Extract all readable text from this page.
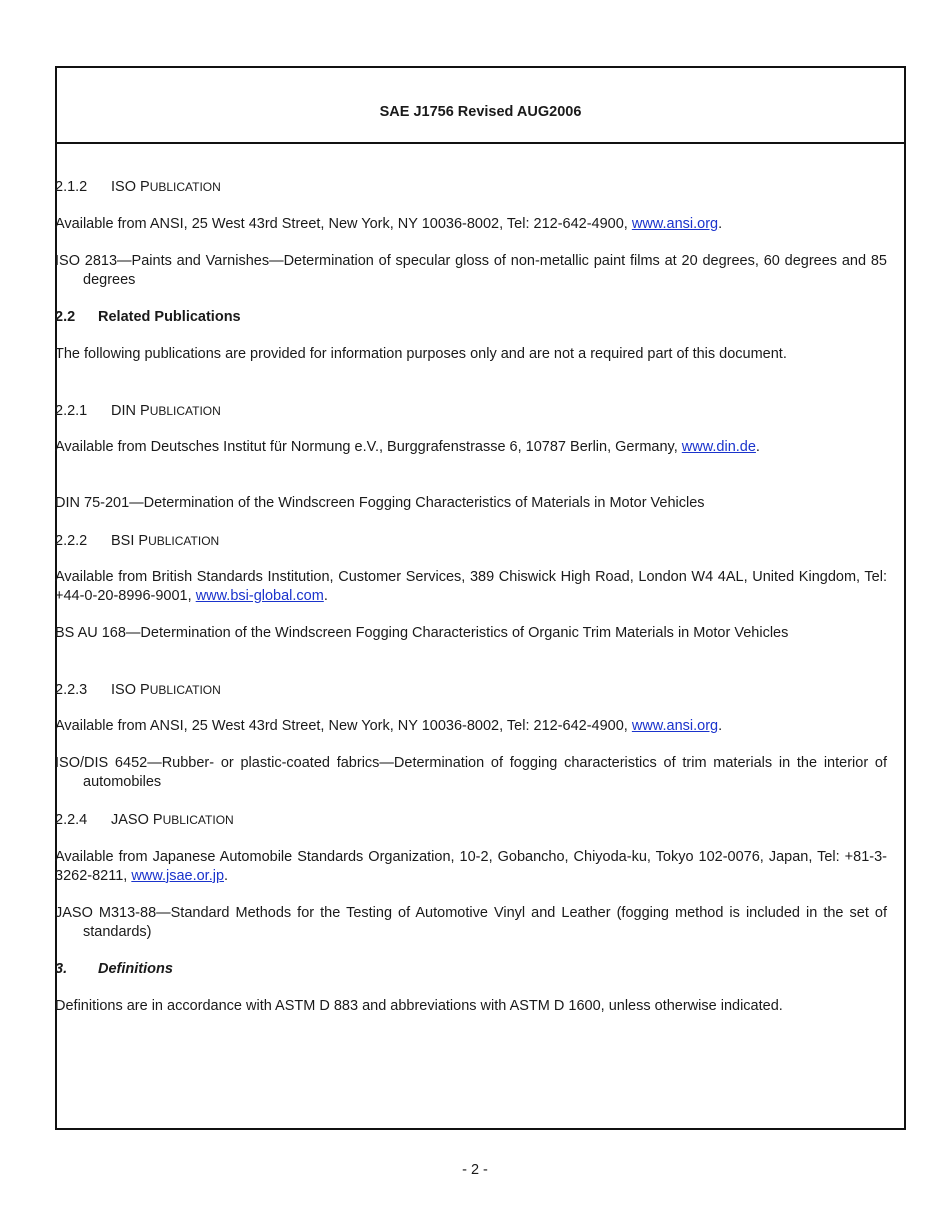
SAE J1756 Revised AUG2006
2.1.2 ISO PUBLICATION
Available from ANSI, 25 West 43rd Street, New York, NY 10036-8002, Tel: 212-642-4900, www.ansi.org.
ISO 2813—Paints and Varnishes—Determination of specular gloss of non-metallic paint films at 20 degrees, 60 degrees and 85 degrees
2.2 Related Publications
The following publications are provided for information purposes only and are not a required part of this document.
2.2.1 DIN PUBLICATION
Available from Deutsches Institut für Normung e.V., Burggrafenstrasse 6, 10787 Berlin, Germany, www.din.de.
DIN 75-201—Determination of the Windscreen Fogging Characteristics of Materials in Motor Vehicles
2.2.2 BSI PUBLICATION
Available from British Standards Institution, Customer Services, 389 Chiswick High Road, London W4 4AL, United Kingdom, Tel: +44-0-20-8996-9001, www.bsi-global.com.
BS AU 168—Determination of the Windscreen Fogging Characteristics of Organic Trim Materials in Motor Vehicles
2.2.3 ISO PUBLICATION
Available from ANSI, 25 West 43rd Street, New York, NY 10036-8002, Tel: 212-642-4900, www.ansi.org.
ISO/DIS 6452—Rubber- or plastic-coated fabrics—Determination of fogging characteristics of trim materials in the interior of automobiles
2.2.4 JASO PUBLICATION
Available from Japanese Automobile Standards Organization, 10-2, Gobancho, Chiyoda-ku, Tokyo 102-0076, Japan, Tel: +81-3-3262-8211, www.jsae.or.jp.
JASO M313-88—Standard Methods for the Testing of Automotive Vinyl and Leather (fogging method is included in the set of standards)
3. Definitions
Definitions are in accordance with ASTM D 883 and abbreviations with ASTM D 1600, unless otherwise indicated.
- 2 -
